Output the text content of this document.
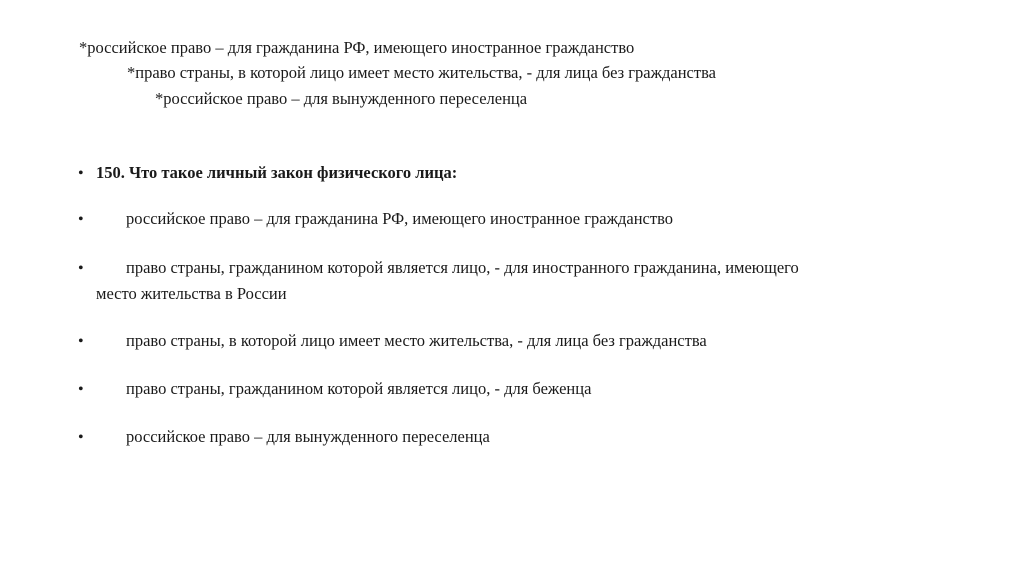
*российское право – для гражданина РФ, имеющего иностранное гражданство
*право страны, в которой лицо имеет место жительства, - для лица без гражданства
*российское право – для вынужденного переселенца
• 150. Что такое личный закон физического лица:
•	российское право – для гражданина РФ, имеющего иностранное гражданство
•	право страны, гражданином которой является лицо, - для иностранного гражданина, имеющего
место жительства в России
•	право страны, в которой лицо имеет место жительства, - для лица без гражданства
•	право страны, гражданином которой является лицо, - для беженца
•	российское право – для вынужденного переселенца
